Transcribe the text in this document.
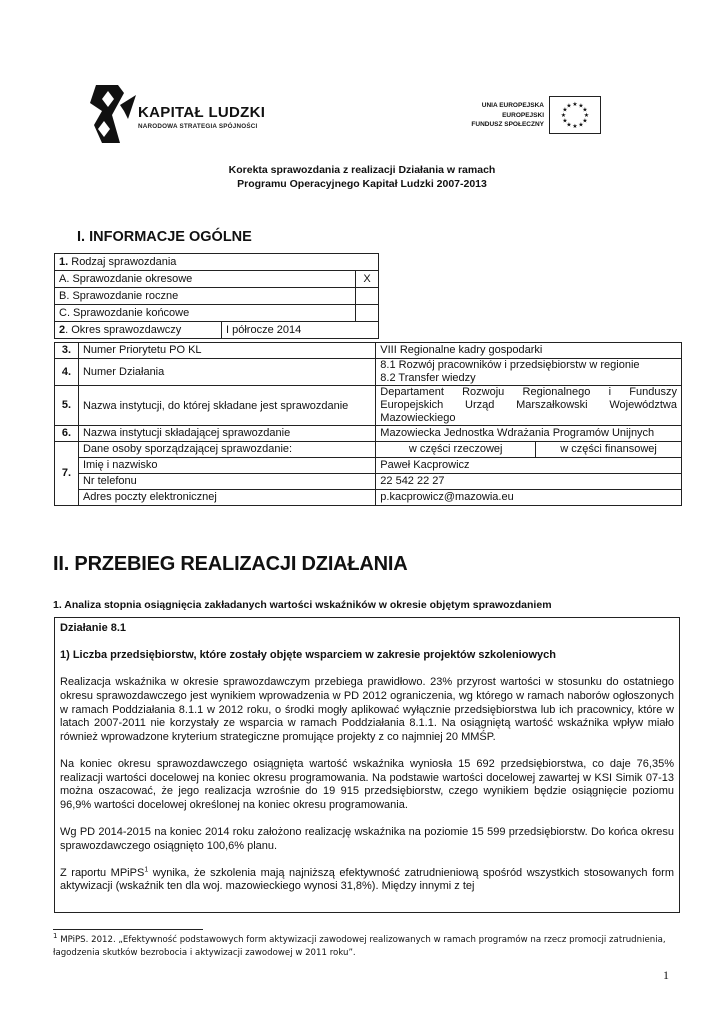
KAPITAŁ LUDZKI
NARODOWA STRATEGIA SPÓJNOŚCI
UNIA EUROPEJSKA
EUROPEJSKI
FUNDUSZ SPOŁECZNY
★ ★
★
★
★
★
★
★
★
★
★
★
Korekta sprawozdania z realizacji Działania w ramach
Programu Operacyjnego Kapitał Ludzki 2007-2013
I. INFORMACJE OGÓLNE
1. Rodzaj sprawozdania		
A. Sprawozdanie okresowe		X
B. Sprawozdanie roczne		
C. Sprawozdanie końcowe		
2. Okres sprawozdawczy	I półrocze 2014	
3.	Numer Priorytetu PO KL	VIII Regionalne kadry gospodarki	
4.	Numer Działania	8.1 Rozwój pracowników i przedsiębiorstw w regionie
8.2 Transfer wiedzy	

5.	Nazwa instytucji, do której składane jest sprawozdanie	Departament Rozwoju Regionalnego i Funduszy Europejskich Urząd Marszałkowski Województwa Mazowieckiego	
6.	Nazwa instytucji składającej sprawozdanie	Mazowiecka Jednostka Wdrażania Programów Unijnych	
7.	Dane osoby sporządzającej sprawozdanie:	w części rzeczowej	w części finansowej
	Imię i nazwisko	Paweł Kacprowicz	
	Nr telefonu	22 542 22 27	
	Adres poczty elektronicznej	p.kacprowicz@mazowia.eu	
II. PRZEBIEG REALIZACJI DZIAŁANIA
1. Analiza stopnia osiągnięcia zakładanych wartości wskaźników w okresie objętym sprawozdaniem

Działanie 8.1

1) Liczba przedsiębiorstw, które zostały objęte wsparciem w zakresie projektów szkoleniowych

Realizacja wskaźnika w okresie sprawozdawczym przebiega prawidłowo. 23% przyrost wartości w stosunku do ostatniego okresu sprawozdawczego jest wynikiem wprowadzenia w PD 2012 ograniczenia, wg którego w ramach naborów ogłoszonych w ramach Poddziałania 8.1.1 w 2012 roku, o środki mogły aplikować wyłącznie przedsiębiorstwa lub ich pracownicy, które w latach 2007-2011 nie korzystały ze wsparcia w ramach Poddziałania 8.1.1. Na osiągniętą wartość wskaźnika wpływ miało również wprowadzone kryterium strategiczne promujące projekty z co najmniej 20 MMŚP.

Na koniec okresu sprawozdawczego osiągnięta wartość wskaźnika wyniosła 15 692 przedsiębiorstwa, co daje 76,35% realizacji wartości docelowej na koniec okresu programowania. Na podstawie wartości docelowej zawartej w KSI Simik 07-13 można oszacować, że jego realizacja wzrośnie do 19 915 przedsiębiorstw, czego wynikiem będzie osiągnięcie poziomu 96,9% wartości docelowej określonej na koniec okresu programowania.

Wg PD 2014-2015 na koniec 2014 roku założono realizację wskaźnika na poziomie 15 599 przedsiębiorstw. Do końca okresu sprawozdawczego osiągnięto 100,6% planu.

Z raportu MPiPS$^1$ wynika, że szkolenia mają najniższą efektywność zatrudnieniową spośród wszystkich stosowanych form aktywizacji (wskaźnik ten dla woj. mazowieckiego wynosi 31,8%). Między innymi z tej

$^1$ MPiPS. 2012. „Efektywność podstawowych form aktywizacji zawodowej realizowanych w ramach programów na rzecz promocji zatrudnienia, łagodzenia skutków bezrobocia i aktywizacji zawodowej w 2011 roku”.
1
